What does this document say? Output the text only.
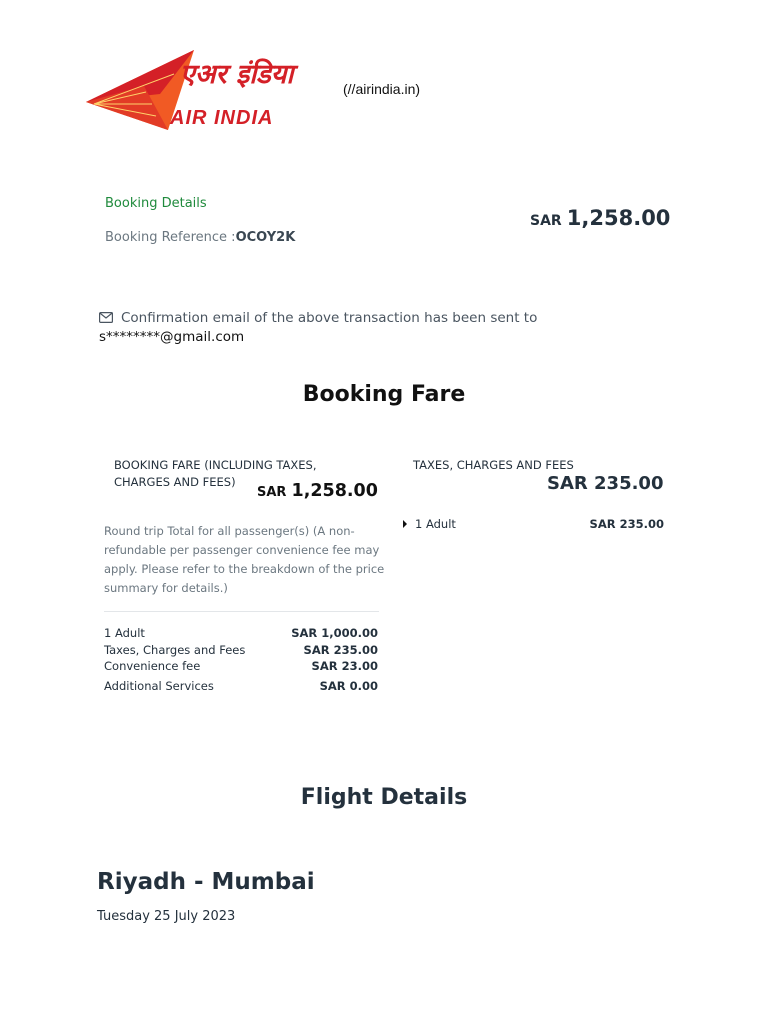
एअर इंडिया
AIR INDIA
(//airindia.in)
Booking Details
Booking Reference :OCOY2K
SAR 1,258.00
Confirmation email of the above transaction has been sent to
s********@gmail.com
Booking Fare
BOOKING FARE (INCLUDING TAXES, CHARGES AND FEES)
SAR 1,258.00
Round trip Total for all passenger(s) (A non-refundable per passenger convenience fee may apply. Please refer to the breakdown of the price summary for details.)
1 Adult	SAR 1,000.00
Taxes, Charges and Fees	SAR 235.00
Convenience fee	SAR 23.00
Additional Services	SAR 0.00
TAXES, CHARGES AND FEES
SAR 235.00
1 Adult	SAR 235.00
Flight Details
Riyadh - Mumbai
Tuesday 25 July 2023
